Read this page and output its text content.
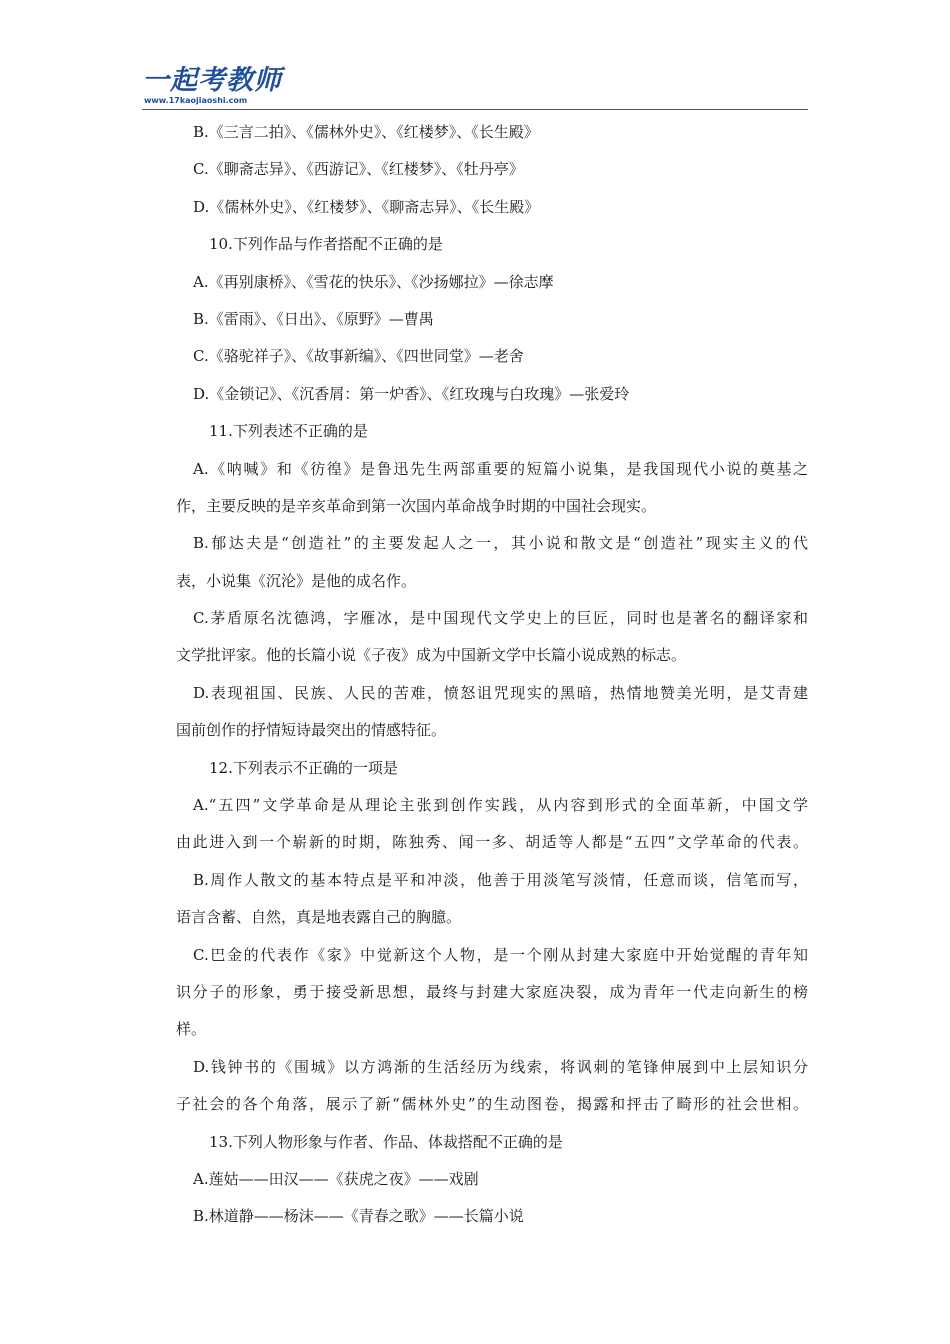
一起考教师
www.17kaojiaoshi.com
B.《三言二拍》、《儒林外史》、《红楼梦》、《长生殿》
C.《聊斋志异》、《西游记》、《红楼梦》、《牡丹亭》
D.《儒林外史》、《红楼梦》、《聊斋志异》、《长生殿》
10.下列作品与作者搭配不正确的是
A.《再别康桥》、《雪花的快乐》、《沙扬娜拉》—徐志摩
B.《雷雨》、《日出》、《原野》—曹禺
C.《骆驼祥子》、《故事新编》、《四世同堂》—老舍
D.《金锁记》、《沉香屑：第一炉香》、《红玫瑰与白玫瑰》—张爱玲
11.下列表述不正确的是
A.《呐喊》和《彷徨》是鲁迅先生两部重要的短篇小说集，是我国现代小说的奠基之
作，主要反映的是辛亥革命到第一次国内革命战争时期的中国社会现实。
B.郁达夫是“创造社”的主要发起人之一，其小说和散文是“创造社”现实主义的代
表，小说集《沉沦》是他的成名作。
C.茅盾原名沈德鸿，字雁冰，是中国现代文学史上的巨匠，同时也是著名的翻译家和
文学批评家。他的长篇小说《子夜》成为中国新文学中长篇小说成熟的标志。
D.表现祖国、民族、人民的苦难，愤怒诅咒现实的黑暗，热情地赞美光明，是艾青建
国前创作的抒情短诗最突出的情感特征。
12.下列表示不正确的一项是
A.“五四”文学革命是从理论主张到创作实践，从内容到形式的全面革新，中国文学
由此进入到一个崭新的时期，陈独秀、闻一多、胡适等人都是“五四”文学革命的代表。
B.周作人散文的基本特点是平和冲淡，他善于用淡笔写淡情，任意而谈，信笔而写，
语言含蓄、自然，真是地表露自己的胸臆。
C.巴金的代表作《家》中觉新这个人物，是一个刚从封建大家庭中开始觉醒的青年知
识分子的形象，勇于接受新思想，最终与封建大家庭决裂，成为青年一代走向新生的榜
样。
D.钱钟书的《围城》以方鸿渐的生活经历为线索，将讽刺的笔锋伸展到中上层知识分
子社会的各个角落，展示了新“儒林外史”的生动图卷，揭露和抨击了畸形的社会世相。
13.下列人物形象与作者、作品、体裁搭配不正确的是
A.莲姑——田汉——《获虎之夜》——戏剧
B.林道静——杨沫——《青春之歌》——长篇小说
